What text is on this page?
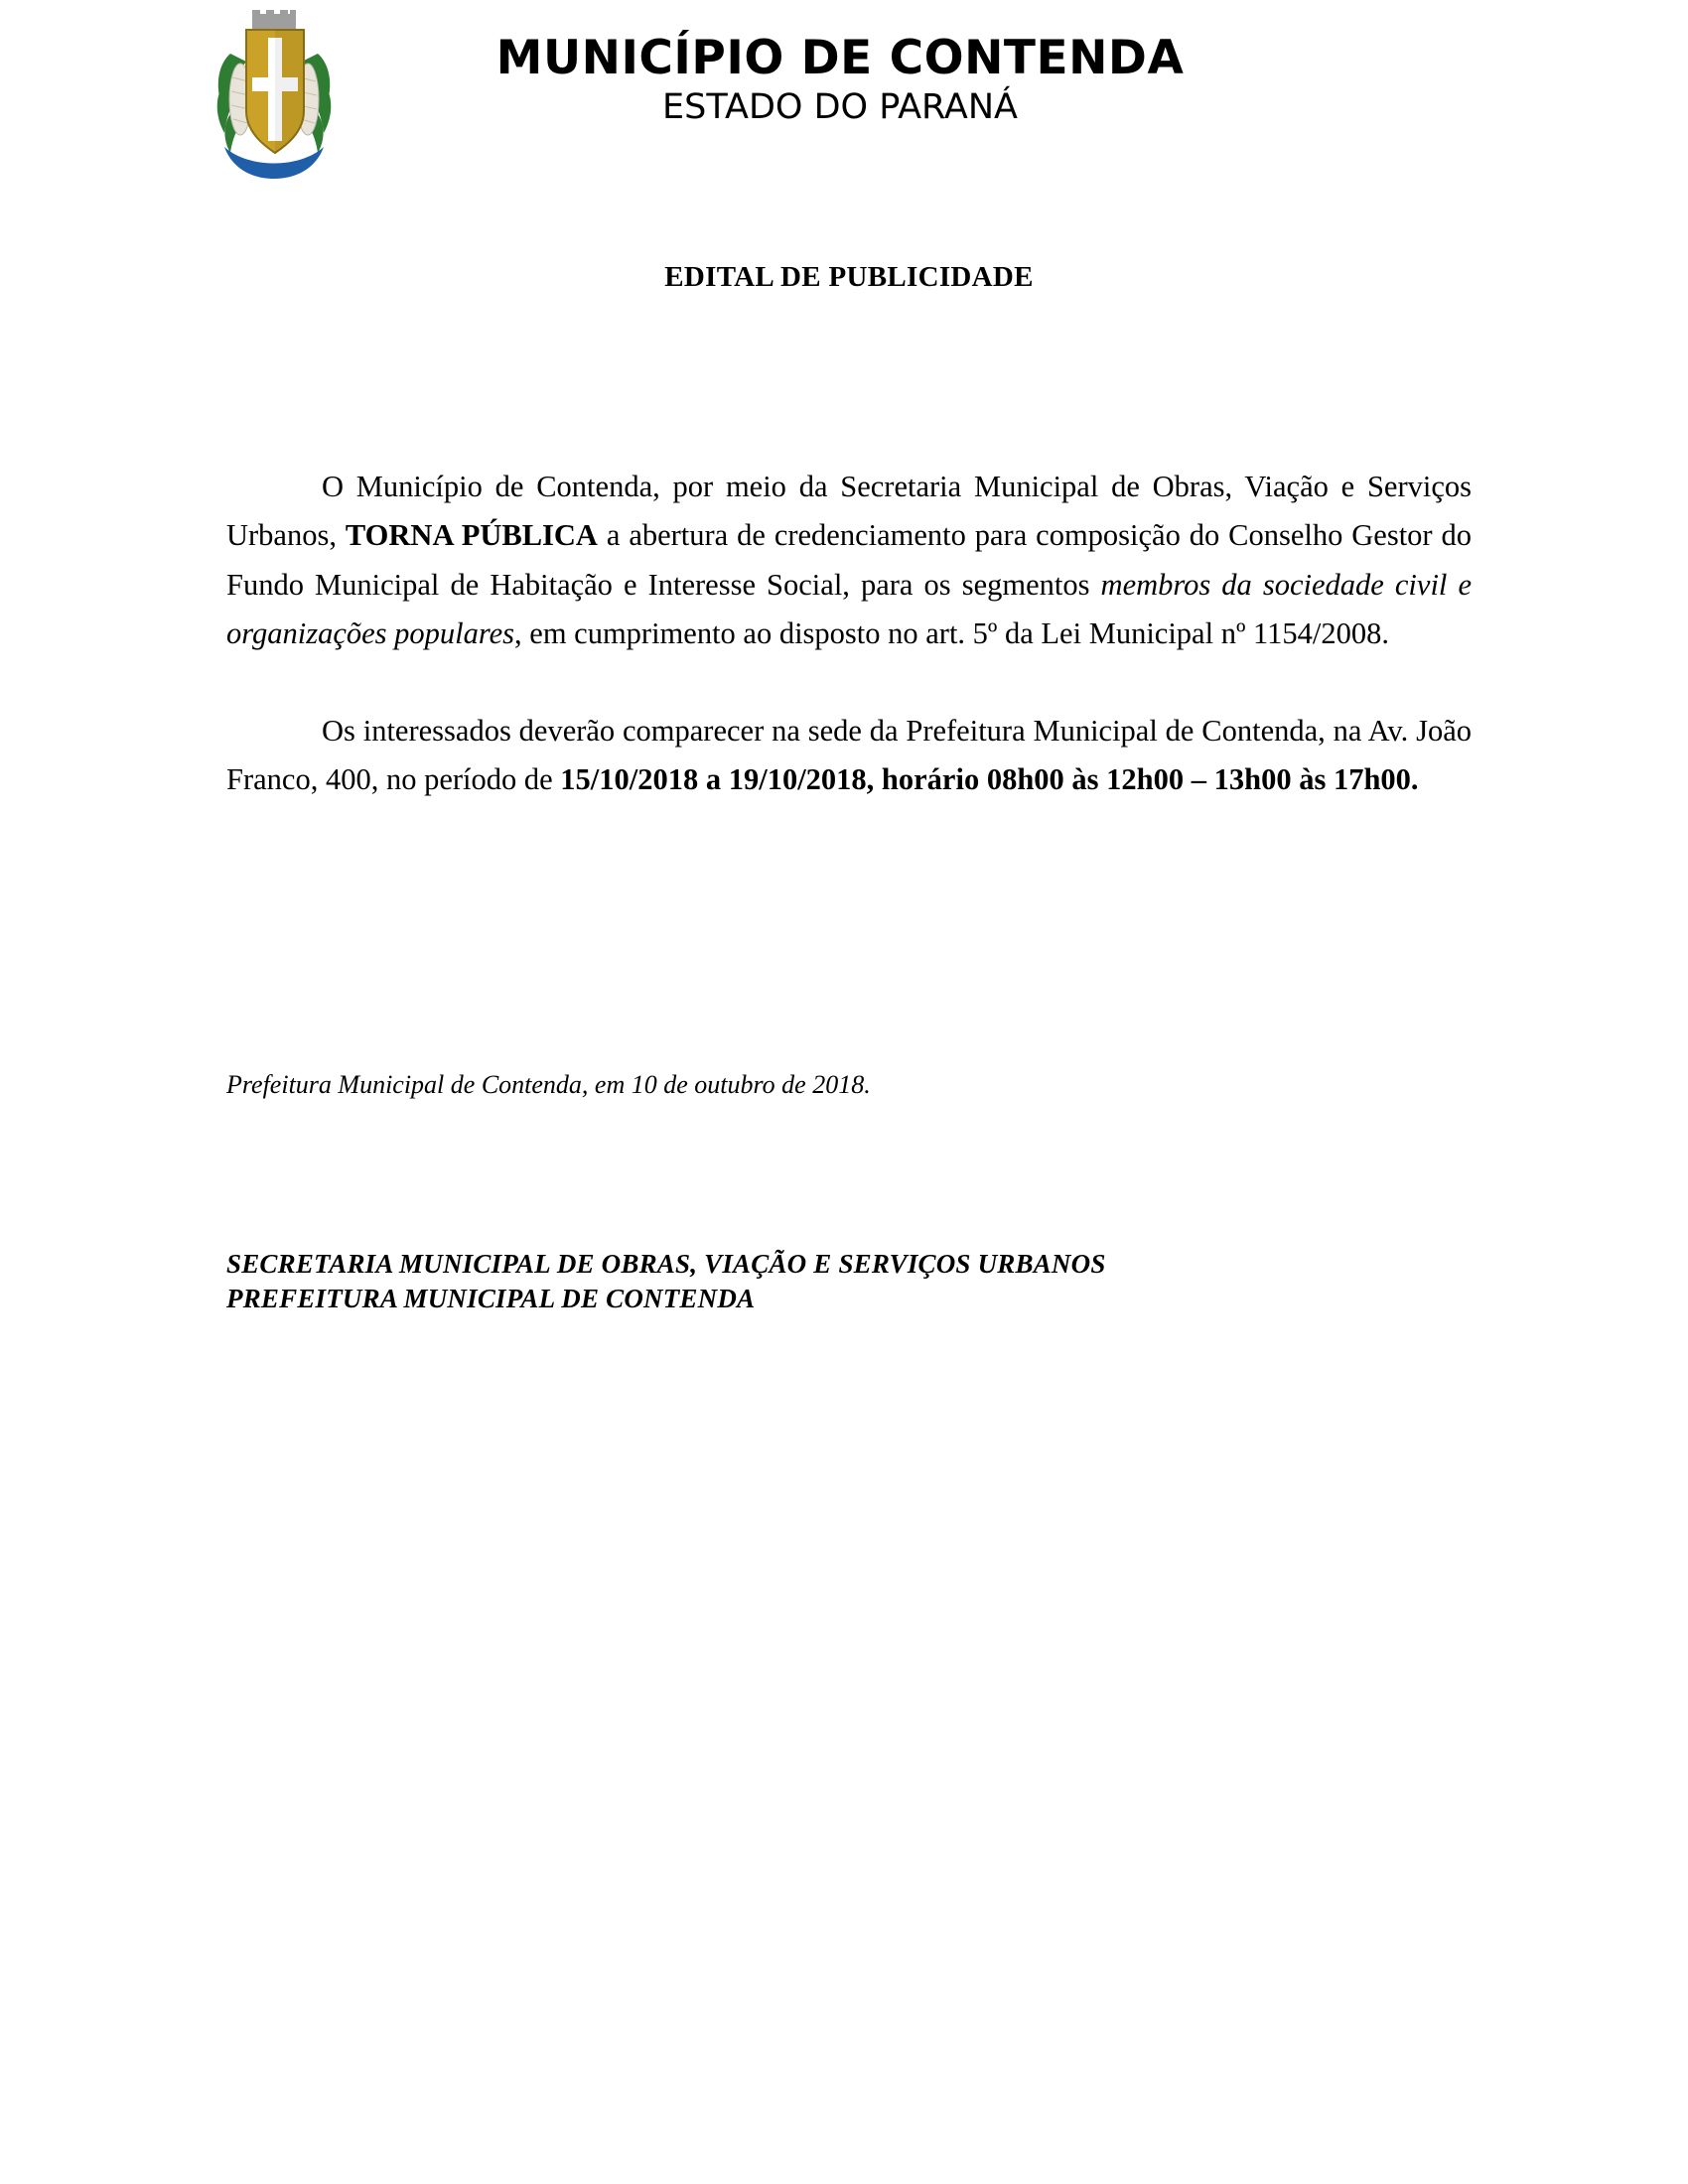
MUNICÍPIO DE CONTENDA
ESTADO DO PARANÁ
EDITAL DE PUBLICIDADE

O Município de Contenda, por meio da Secretaria Municipal de Obras, Viação e Serviços Urbanos, TORNA PÚBLICA a abertura de credenciamento para composição do Conselho Gestor do Fundo Municipal de Habitação e Interesse Social, para os segmentos membros da sociedade civil e organizações populares, em cumprimento ao disposto no art. 5º da Lei Municipal nº 1154/2008.

Os interessados deverão comparecer na sede da Prefeitura Municipal de Contenda, na Av. João Franco, 400, no período de 15/10/2018 a 19/10/2018, horário 08h00 às 12h00 – 13h00 às 17h00.

Prefeitura Municipal de Contenda, em 10 de outubro de 2018.
SECRETARIA MUNICIPAL DE OBRAS, VIAÇÃO E SERVIÇOS URBANOS
PREFEITURA MUNICIPAL DE CONTENDA
